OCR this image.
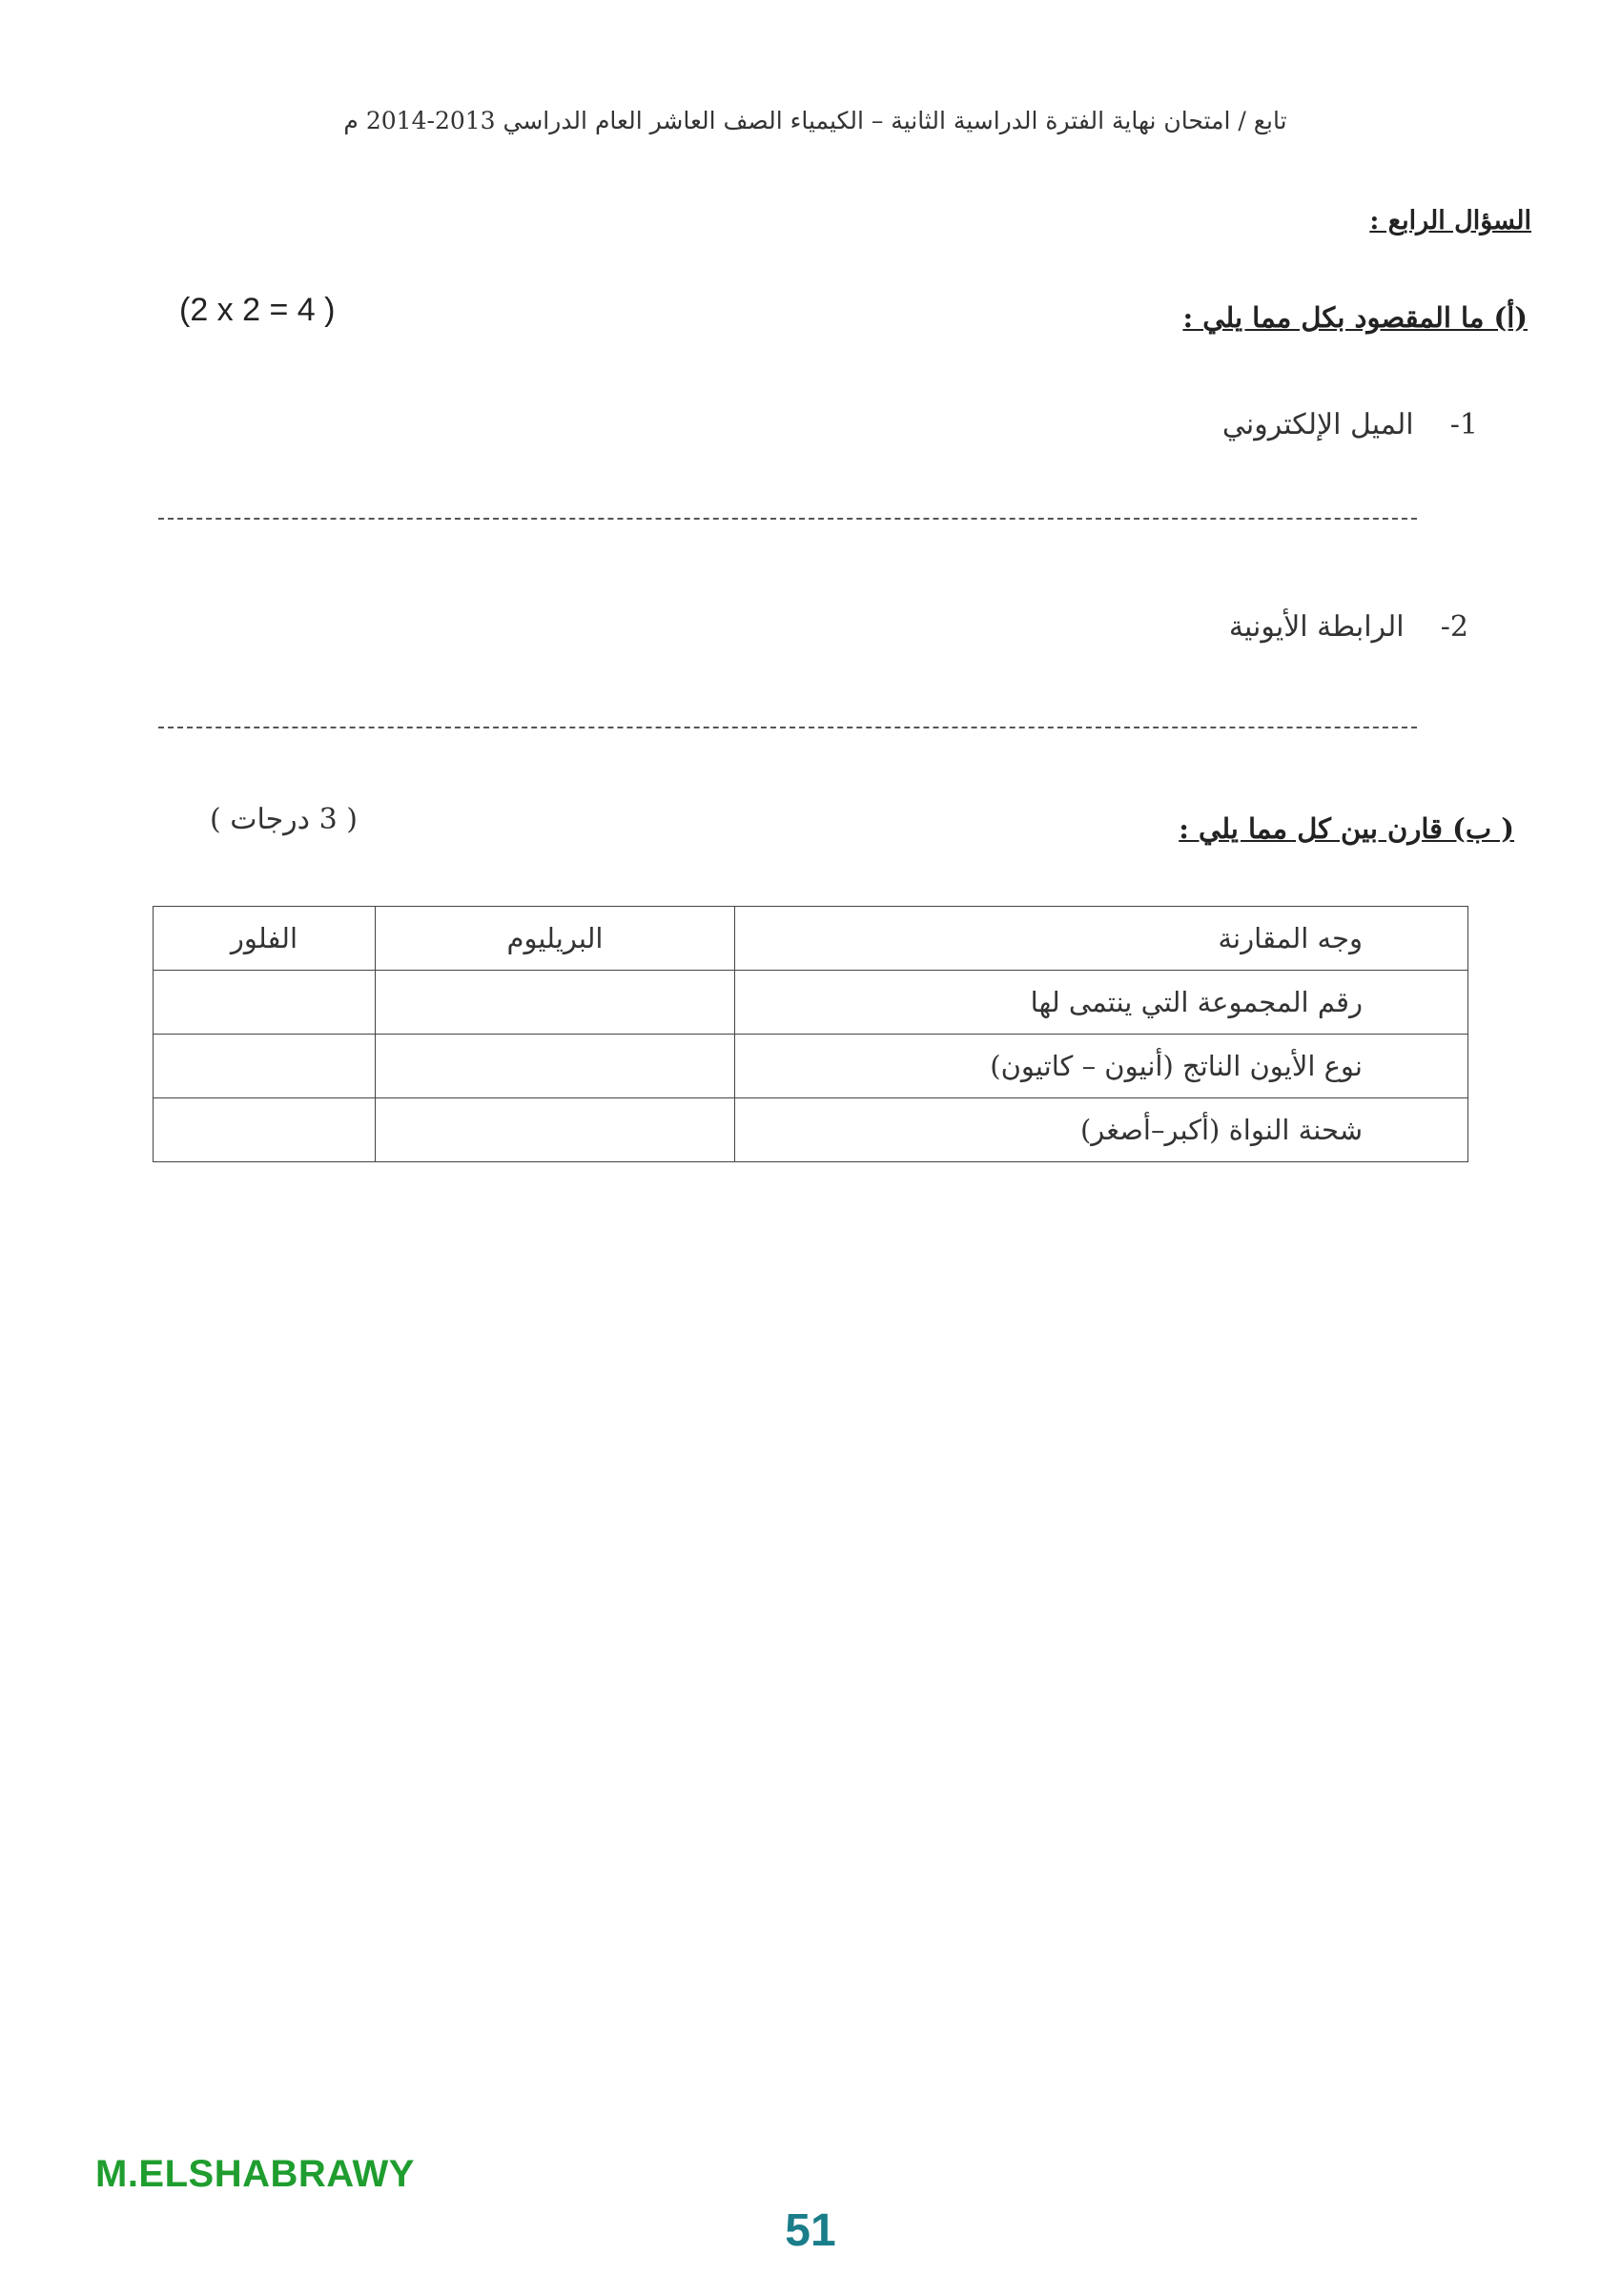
تابع / امتحان نهاية الفترة الدراسية الثانية – الكيمياء الصف العاشر العام الدراسي 2013-2014 م
السؤال الرابع :
(أ) ما المقصود بكل مما يلي :
(2 x 2 = 4 )
1-    الميل الإلكتروني
2-    الرابطة الأيونية
( ب) قارن بين كل مما يلي :
( 3 درجات )
وجه المقارنة	البريليوم	الفلور
رقم المجموعة التي ينتمى لها		
نوع الأيون الناتج (أنيون – كاتيون)		
شحنة النواة (أكبر–أصغر)		
M.ELSHABRAWY
51
